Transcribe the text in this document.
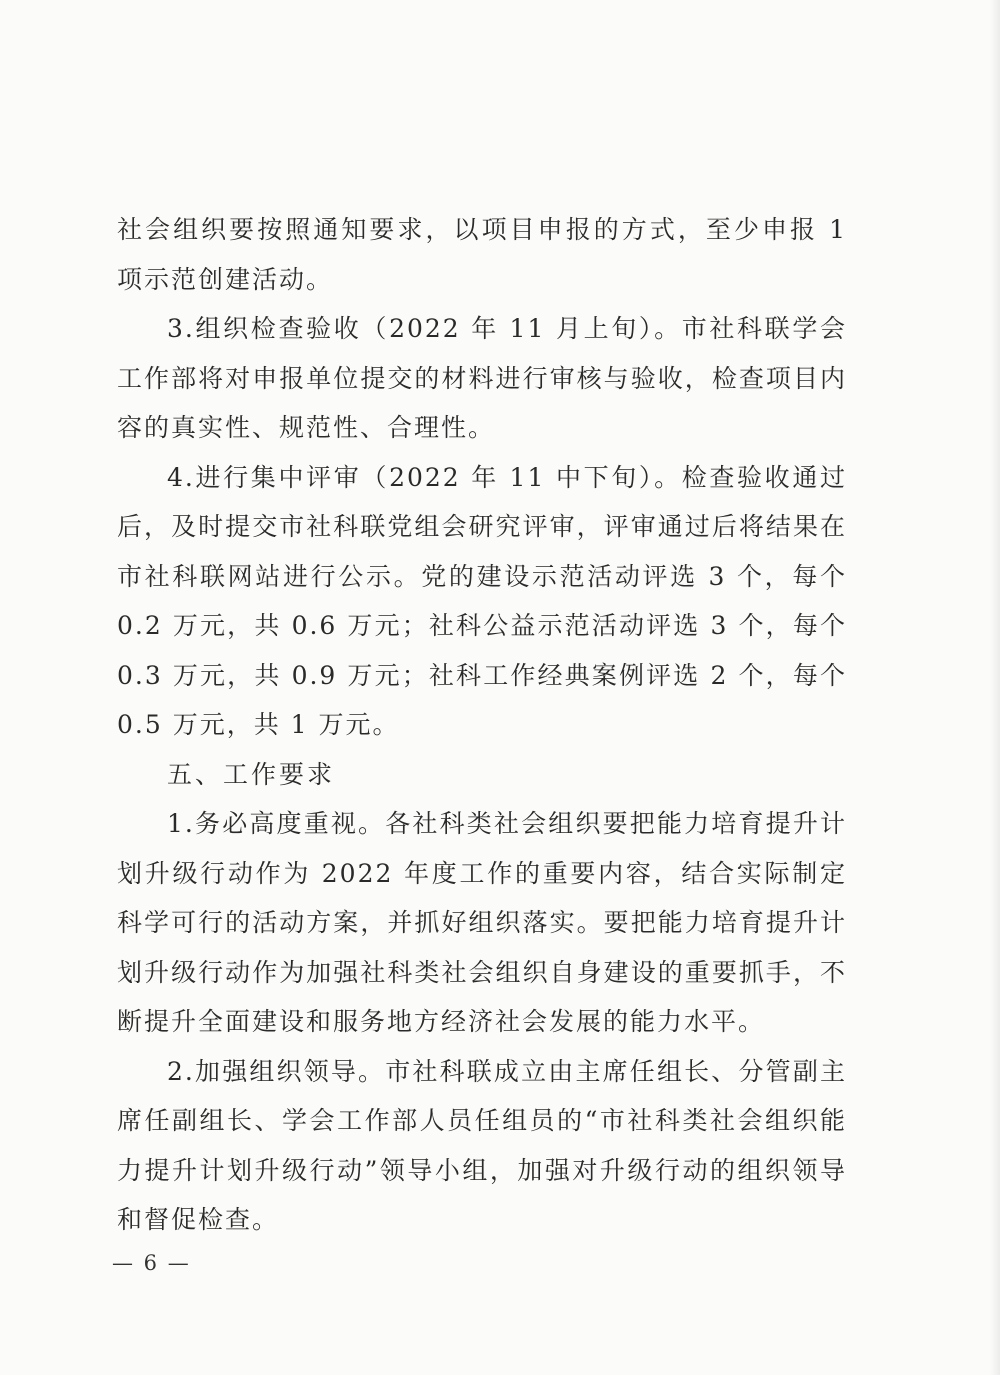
社会组织要按照通知要求，以项目申报的方式，至少申报 1 项示范创建活动。

3.组织检查验收（2022 年 11 月上旬）。市社科联学会工作部将对申报单位提交的材料进行审核与验收，检查项目内容的真实性、规范性、合理性。

4.进行集中评审（2022 年 11 中下旬）。检查验收通过后，及时提交市社科联党组会研究评审，评审通过后将结果在市社科联网站进行公示。党的建设示范活动评选 3 个，每个 0.2 万元，共 0.6 万元；社科公益示范活动评选 3 个，每个 0.3 万元，共 0.9 万元；社科工作经典案例评选 2 个，每个 0.5 万元，共 1 万元。

五、工作要求

1.务必高度重视。各社科类社会组织要把能力培育提升计划升级行动作为 2022 年度工作的重要内容，结合实际制定科学可行的活动方案，并抓好组织落实。要把能力培育提升计划升级行动作为加强社科类社会组织自身建设的重要抓手，不断提升全面建设和服务地方经济社会发展的能力水平。

2.加强组织领导。市社科联成立由主席任组长、分管副主席任副组长、学会工作部人员任组员的“市社科类社会组织能力提升计划升级行动”领导小组，加强对升级行动的组织领导和督促检查。

— 6 —
